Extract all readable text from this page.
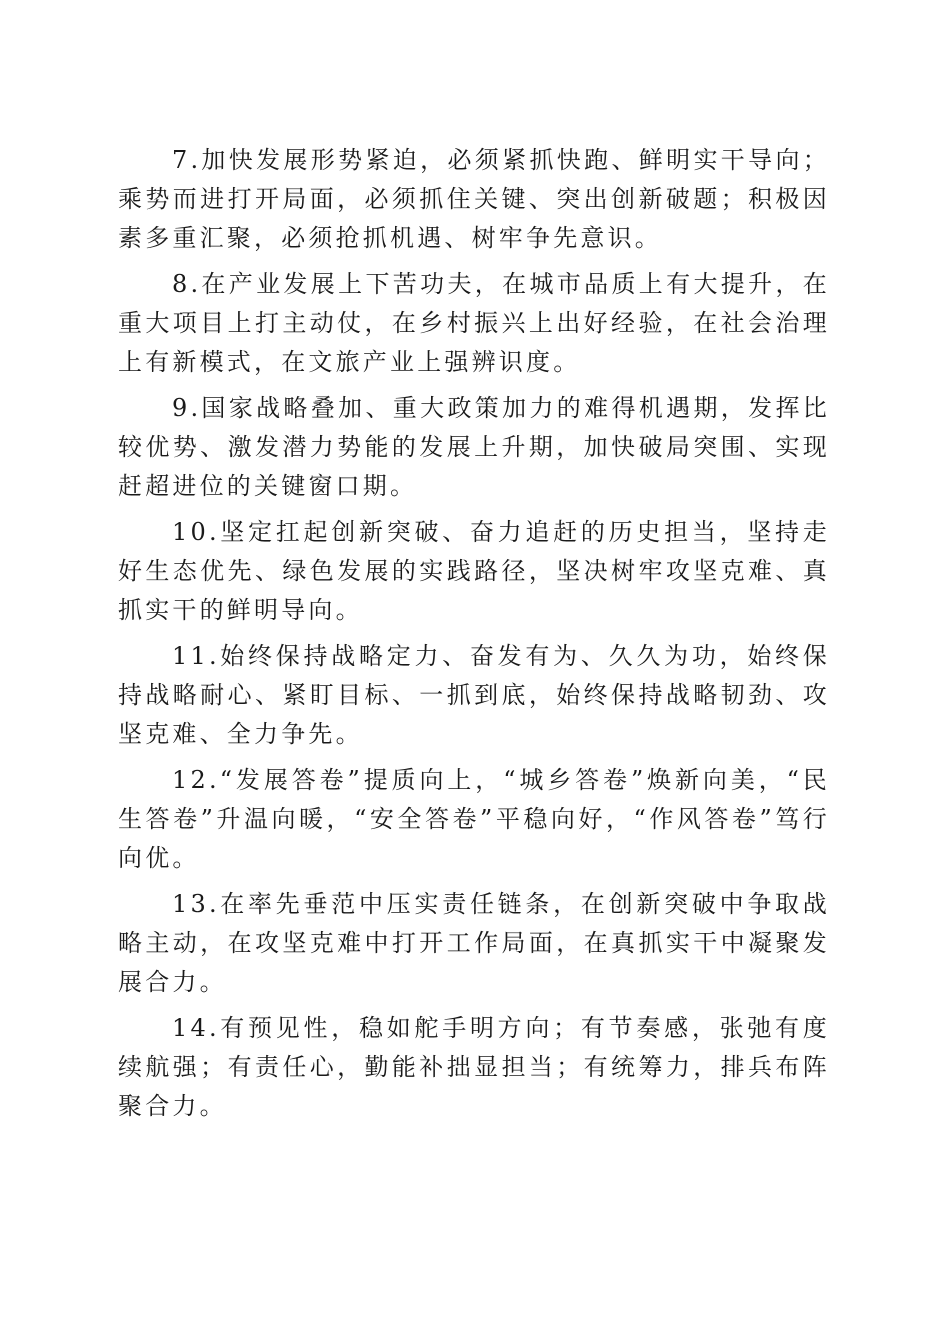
7.加快发展形势紧迫，必须紧抓快跑、鲜明实干导向；乘势而进打开局面，必须抓住关键、突出创新破题；积极因素多重汇聚，必须抢抓机遇、树牢争先意识。

8.在产业发展上下苦功夫，在城市品质上有大提升，在重大项目上打主动仗，在乡村振兴上出好经验，在社会治理上有新模式，在文旅产业上强辨识度。

9.国家战略叠加、重大政策加力的难得机遇期，发挥比较优势、激发潜力势能的发展上升期，加快破局突围、实现赶超进位的关键窗口期。

10.坚定扛起创新突破、奋力追赶的历史担当，坚持走好生态优先、绿色发展的实践路径，坚决树牢攻坚克难、真抓实干的鲜明导向。

11.始终保持战略定力、奋发有为、久久为功，始终保持战略耐心、紧盯目标、一抓到底，始终保持战略韧劲、攻坚克难、全力争先。

12.“发展答卷”提质向上，“城乡答卷”焕新向美，“民生答卷”升温向暖，“安全答卷”平稳向好，“作风答卷”笃行向优。

13.在率先垂范中压实责任链条，在创新突破中争取战略主动，在攻坚克难中打开工作局面，在真抓实干中凝聚发展合力。

14.有预见性，稳如舵手明方向；有节奏感，张弛有度续航强；有责任心，勤能补拙显担当；有统筹力，排兵布阵聚合力。
